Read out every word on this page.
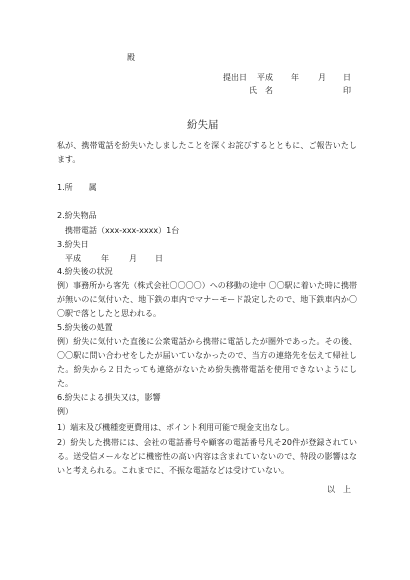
殿
提出日 平成 年 月 日
氏　名	印
紛失届
私が、携帯電話を紛失いたしましたことを深くお詫びするとともに、ご報告いたします。
1.所　　属
2.紛失物品
携帯電話（xxx-xxx-xxxx）1台
3.紛失日
平成	年	月 日
4.紛失後の状況
例）事務所から客先（株式会社〇〇〇〇）への移動の途中 〇〇駅に着いた時に携帯が無いのに気付いた、地下鉄の車内でマナーモード設定したので、地下鉄車内か〇〇駅で落としたと思われる。
5.紛失後の処置
例）紛失に気付いた直後に公衆電話から携帯に電話したが圏外であった。その後、〇〇駅に問い合わせをしたが届いていなかったので、当方の連絡先を伝えて帰社した。紛失から２日たっても連絡がないため紛失携帯電話を使用できないようにした。
6.紛失による損失又は，影響
例）
1）端末及び機種変更費用は、ポイント利用可能で現金支出なし。
2）紛失した携帯には、会社の電話番号や顧客の電話番号凡そ20件が登録されている。送受信メールなどに機密性の高い内容は含まれていないので、特段の影響はないと考えられる。これまでに、不振な電話などは受けていない。
以　上
